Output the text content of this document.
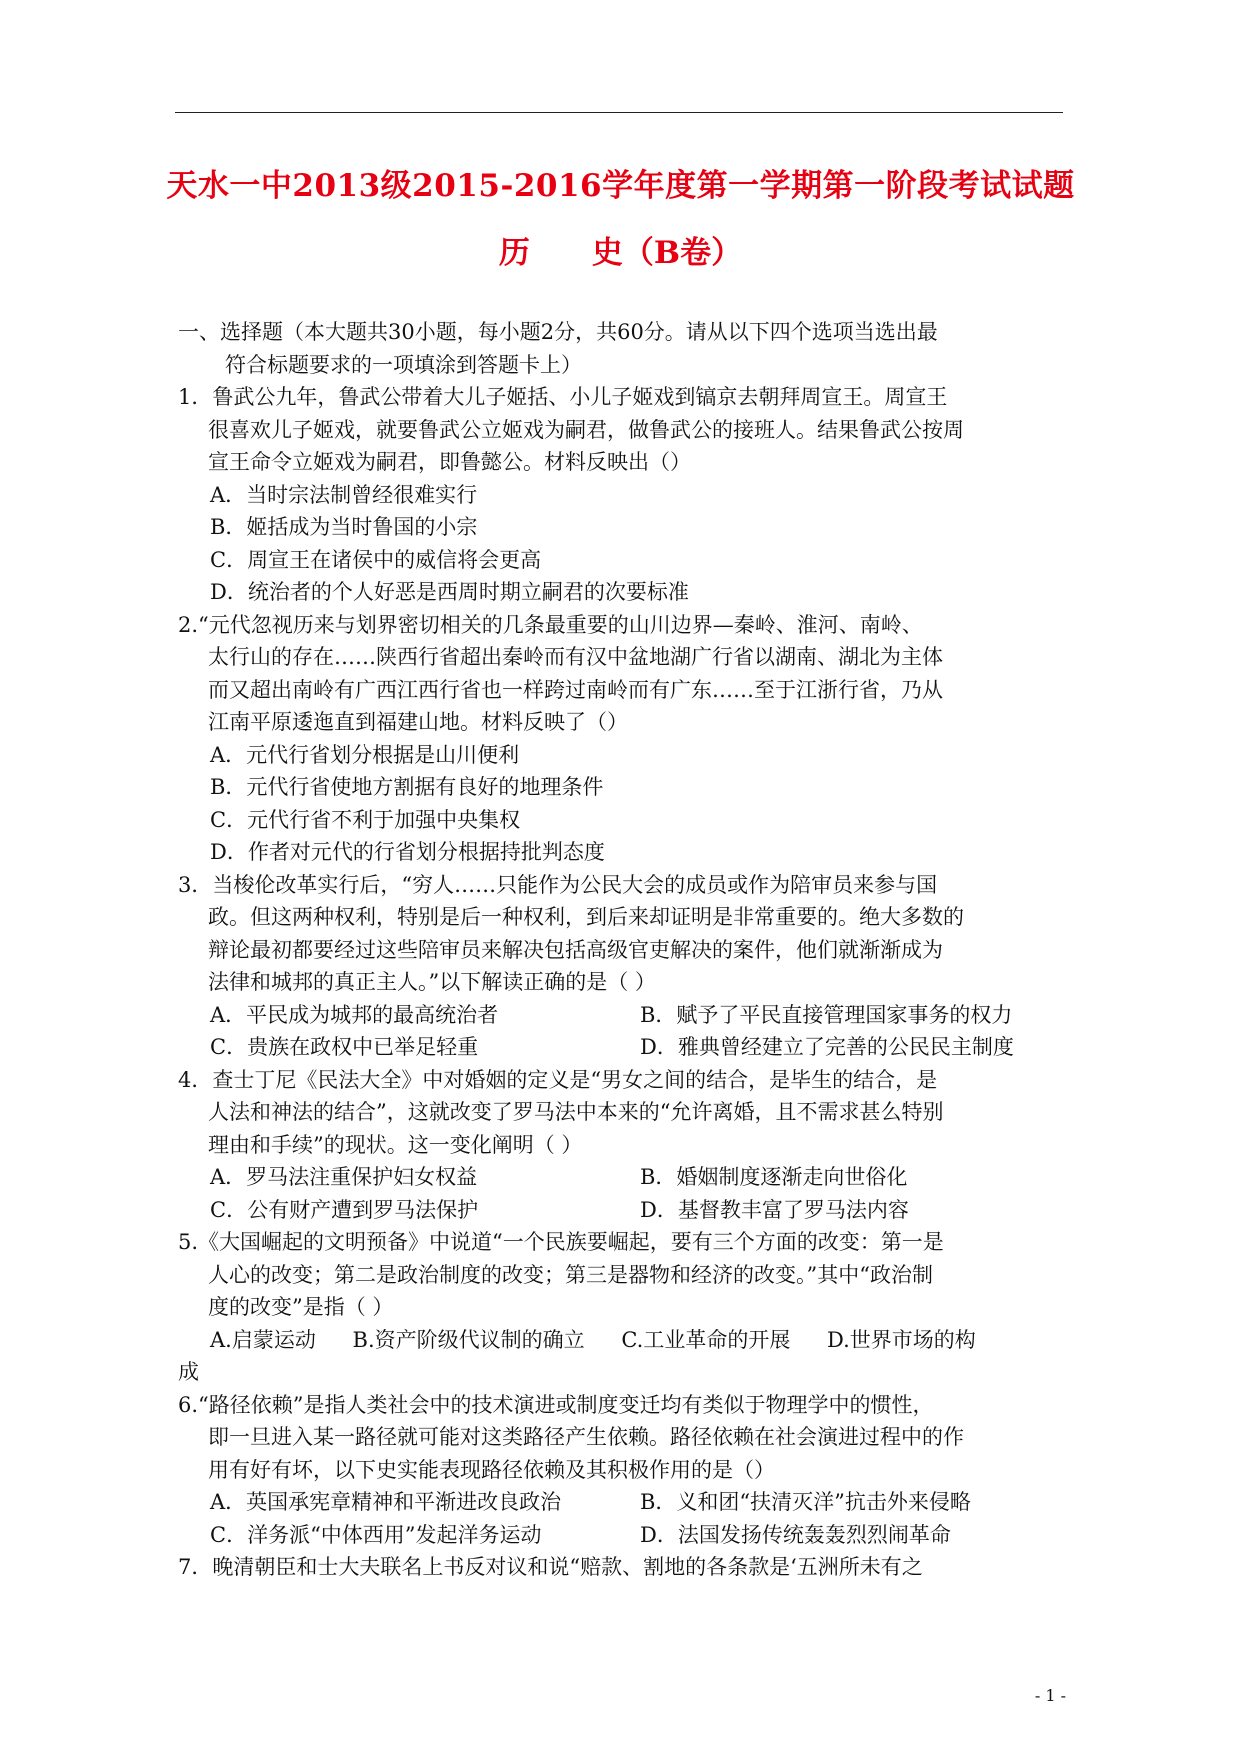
天水一中2013级2015-2016学年度第一学期第一阶段考试试题
历 史（B卷）
一、选择题（本大题共30小题，每小题2分，共60分。请从以下四个选项当选出最
符合标题要求的一项填涂到答题卡上）
1．鲁武公九年，鲁武公带着大儿子姬括、小儿子姬戏到镐京去朝拜周宣王。周宣王
很喜欢儿子姬戏，就要鲁武公立姬戏为嗣君，做鲁武公的接班人。结果鲁武公按周
宣王命令立姬戏为嗣君，即鲁懿公。材料反映出（）
A．当时宗法制曾经很难实行
B．姬括成为当时鲁国的小宗
C．周宣王在诸侯中的威信将会更高
D．统治者的个人好恶是西周时期立嗣君的次要标准
2.“元代忽视历来与划界密切相关的几条最重要的山川边界—秦岭、淮河、南岭、
太行山的存在……陕西行省超出秦岭而有汉中盆地湖广行省以湖南、湖北为主体
而又超出南岭有广西江西行省也一样跨过南岭而有广东……至于江浙行省，乃从
江南平原逶迤直到福建山地。材料反映了（）
A．元代行省划分根据是山川便利
B．元代行省使地方割据有良好的地理条件
C．元代行省不利于加强中央集权
D．作者对元代的行省划分根据持批判态度
3．当梭伦改革实行后，“穷人……只能作为公民大会的成员或作为陪审员来参与国
政。但这两种权利，特别是后一种权利，到后来却证明是非常重要的。绝大多数的
辩论最初都要经过这些陪审员来解决包括高级官吏解决的案件，他们就渐渐成为
法律和城邦的真正主人。”以下解读正确的是（ ）
A．平民成为城邦的最高统治者	B．赋予了平民直接管理国家事务的权力
C．贵族在政权中已举足轻重	D．雅典曾经建立了完善的公民民主制度
4．查士丁尼《民法大全》中对婚姻的定义是“男女之间的结合，是毕生的结合，是
人法和神法的结合”，这就改变了罗马法中本来的“允许离婚，且不需求甚么特别
理由和手续”的现状。这一变化阐明（ ）
A．罗马法注重保护妇女权益	B．婚姻制度逐渐走向世俗化
C．公有财产遭到罗马法保护	D．基督教丰富了罗马法内容
5.《大国崛起的文明预备》中说道“一个民族要崛起，要有三个方面的改变：第一是
人心的改变；第二是政治制度的改变；第三是器物和经济的改变。”其中“政治制
度的改变”是指（ ）
A.启蒙运动 B.资产阶级代议制的确立 C.工业革命的开展 D.世界市场的构
成
6.“路径依赖”是指人类社会中的技术演进或制度变迁均有类似于物理学中的惯性，
即一旦进入某一路径就可能对这类路径产生依赖。路径依赖在社会演进过程中的作
用有好有坏，以下史实能表现路径依赖及其积极作用的是（）
A．英国承宪章精神和平渐进改良政治	B．义和团“扶清灭洋”抗击外来侵略
C．洋务派“中体西用”发起洋务运动	D．法国发扬传统轰轰烈烈闹革命
7．晚清朝臣和士大夫联名上书反对议和说“赔款、割地的各条款是‘五洲所未有之
- 1 -
